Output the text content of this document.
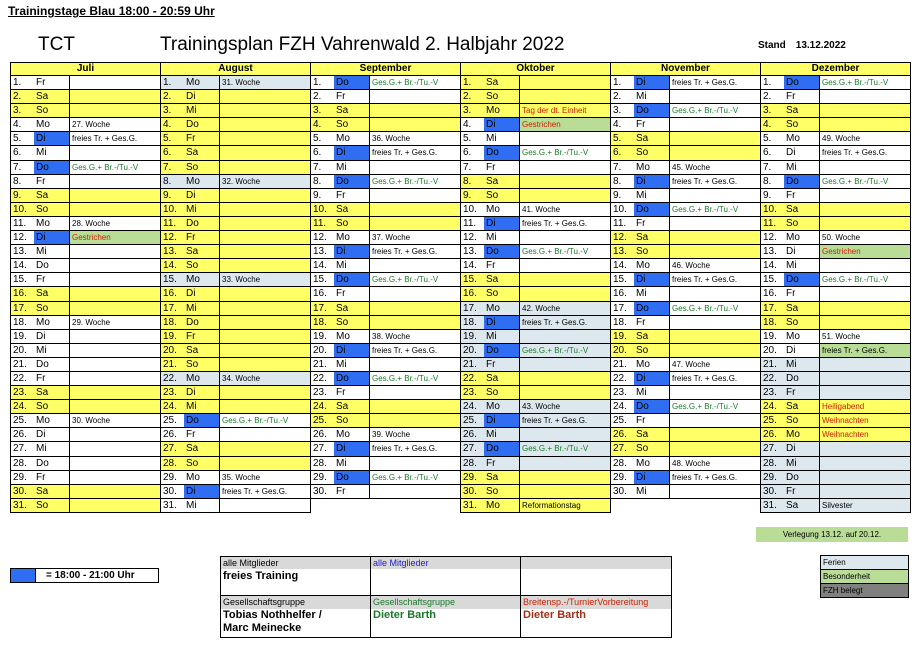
Trainingstage Blau 18:00 - 20:59 Uhr
TCT	Trainingsplan FZH Vahrenwald 2. Halbjahr 2022	Stand 13.12.2022
Juli
1.	Fr
2.	Sa
3.	So
4.	Mo	27. Woche
5.	Di	freies Tr. + Ges.G.
6.	Mi
7.	Do	Ges.G.+ Br.-/Tu.-V
8.	Fr
9.	Sa
10. So
11. Mo	28. Woche
12. Di	Gestrichen
13. Mi
14. Do
15. Fr
16. Sa
17. So
18. Mo	29. Woche
19. Di
20. Mi
21. Do
22. Fr
23. Sa
24. So
25. Mo	30. Woche
26. Di
27. Mi
28. Do
29. Fr
30. Sa
31. So
August
1.	Mo	31. Woche
2.	Di
3.	Mi
4.	Do
5.	Fr
6.	Sa
7.	So
8.	Mo	32. Woche
9.	Di
10. Mi
11. Do
12. Fr
13. Sa
14. So
15. Mo	33. Woche
16. Di
17. Mi
18. Do
19. Fr
20. Sa
21. So
22. Mo	34. Woche
23. Di
24. Mi
25. Do	Ges.G.+ Br.-/Tu.-V
26. Fr
27. Sa
28. So
29. Mo	35. Woche
30. Di	freies Tr. + Ges.G.
31. Mi
September
1.	Do	Ges.G.+ Br.-/Tu.-V
2.	Fr
3.	Sa
4.	So
5.	Mo	36. Woche
6.	Di	freies Tr. + Ges.G.
7.	Mi
8.	Do	Ges.G.+ Br.-/Tu.-V
9.	Fr
10. Sa
11. So
12. Mo	37. Woche
13. Di	freies Tr. + Ges.G.
14. Mi
15. Do	Ges.G.+ Br.-/Tu.-V
16. Fr
17. Sa
18. So
19. Mo	38. Woche
20. Di	freies Tr. + Ges.G.
21. Mi
22. Do	Ges.G.+ Br.-/Tu.-V
23. Fr
24. Sa
25. So
26. Mo	39. Woche
27. Di	freies Tr. + Ges.G.
28. Mi
29. Do	Ges.G.+ Br.-/Tu.-V
30. Fr
Oktober
1.	Sa
2.	So
3.	Mo	Tag der dt. Einheit
4.	Di	Gestrichen
5.	Mi
6.	Do	Ges.G.+ Br.-/Tu.-V
7.	Fr
8.	Sa
9.	So
10. Mo	41. Woche
11. Di	freies Tr. + Ges.G.
12. Mi
13. Do	Ges.G.+ Br.-/Tu.-V
14. Fr
15. Sa
16. So
17. Mo	42. Woche
18. Di	freies Tr. + Ges.G.
19. Mi
20. Do	Ges.G.+ Br.-/Tu.-V
21. Fr
22. Sa
23. So
24. Mo	43. Woche
25. Di	freies Tr. + Ges.G.
26. Mi
27. Do	Ges.G.+ Br.-/Tu.-V
28. Fr
29. Sa
30. So
31. Mo	Reformationstag
November
1.	Di	freies Tr. + Ges.G.
2.	Mi
3.	Do	Ges.G.+ Br.-/Tu.-V
4.	Fr
5.	Sa
6.	So
7.	Mo	45. Woche
8.	Di	freies Tr. + Ges.G.
9.	Mi
10. Do	Ges.G.+ Br.-/Tu.-V
11. Fr
12. Sa
13. So
14. Mo	46. Woche
15. Di	freies Tr. + Ges.G.
16. Mi
17. Do	Ges.G.+ Br.-/Tu.-V
18. Fr
19. Sa
20. So
21. Mo	47. Woche
22. Di	freies Tr. + Ges.G.
23. Mi
24. Do	Ges.G.+ Br.-/Tu.-V
25. Fr
26. Sa
27. So
28. Mo	48. Woche
29. Di	freies Tr. + Ges.G.
30. Mi
Dezember
1.	Do	Ges.G.+ Br.-/Tu.-V
2.	Fr
3.	Sa
4.	So
5.	Mo	49. Woche
6.	Di	freies Tr. + Ges.G.
7.	Mi
8.	Do	Ges.G.+ Br.-/Tu.-V
9.	Fr
10. Sa
11. So
12. Mo	50. Woche
13. Di	Gestrichen
14. Mi
15. Do	Ges.G.+ Br.-/Tu.-V
16. Fr
17. Sa
18. So
19. Mo	51. Woche
20. Di	freies Tr. + Ges.G.
21. Mi
22. Do
23. Fr
24. Sa	Heiligabend
25. So	Weihnachten
26. Mo	Weihnachten
27. Di
28. Mi
29. Do
30. Fr
31. Sa	Silvester
Verlegung 13.12. auf 20.12.
= 18:00 - 21:00 Uhr
alle Mitglieder	alle Mitglieder
freies Training
Gesellschaftsgruppe	Gesellschaftsgruppe	Breitensp.-/TurnierVorbereitung
Tobias Nothhelfer /
Marc Meinecke
Dieter Barth	Dieter Barth
Ferien
Besonderheit
FZH belegt
